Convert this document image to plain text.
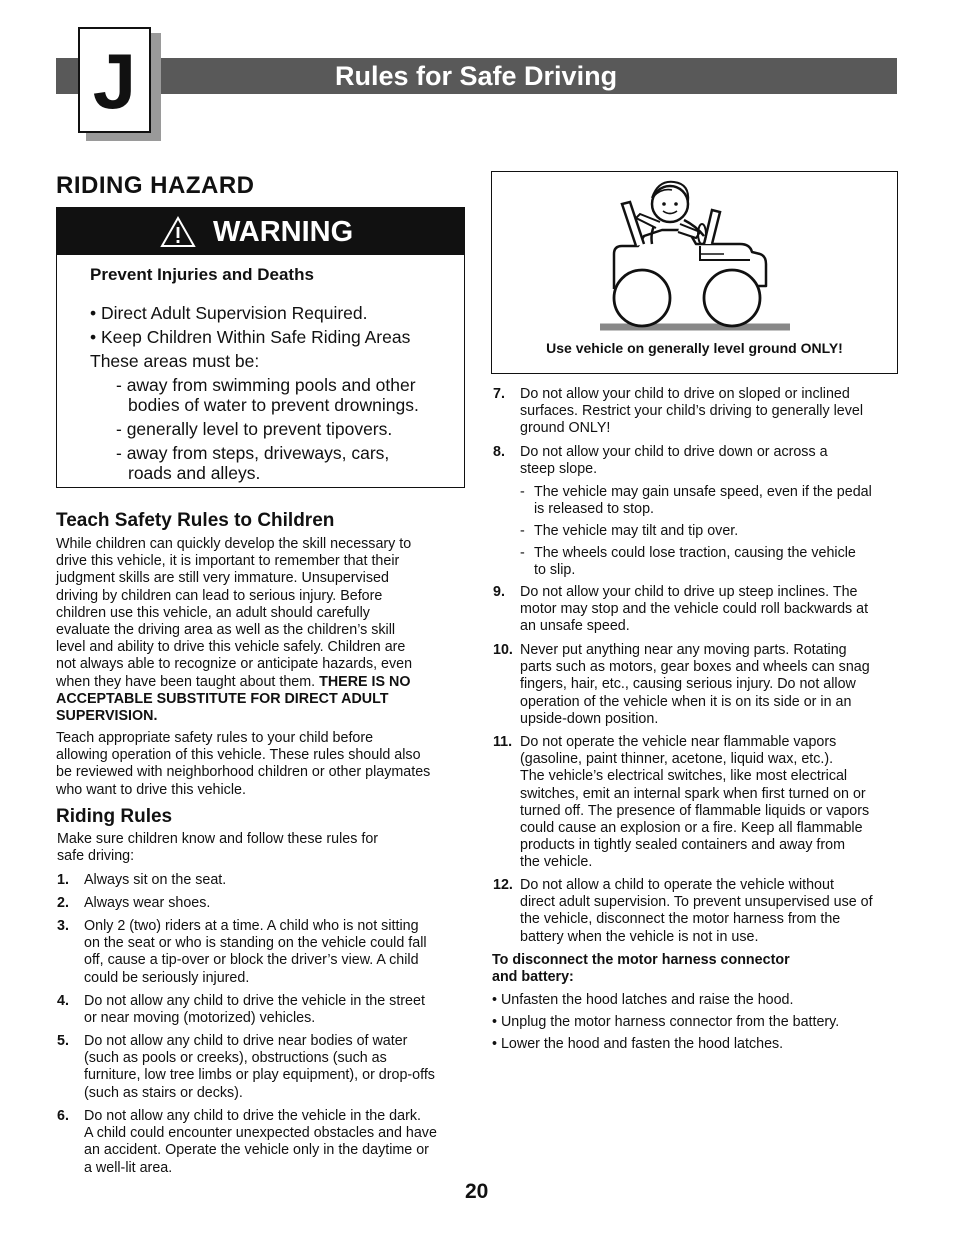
Rules for Safe Driving
J
RIDING HAZARD
WARNING
Prevent Injuries and Deaths
• Direct Adult Supervision Required.
• Keep Children Within Safe Riding Areas
These areas must be:
- away from swimming pools and other
bodies of water to prevent drownings.
- generally level to prevent tipovers.
- away from steps, driveways, cars,
roads and alleys.
Teach Safety Rules to Children
While children can quickly develop the skill necessary to
drive this vehicle, it is important to remember that their
judgment skills are still very immature. Unsupervised
driving by children can lead to serious injury. Before
children use this vehicle, an adult should carefully
evaluate the driving area as well as the children’s skill
level and ability to drive this vehicle safely. Children are
not always able to recognize or anticipate hazards, even
when they have been taught about them. THERE IS NO
ACCEPTABLE SUBSTITUTE FOR DIRECT ADULT
SUPERVISION.
Teach appropriate safety rules to your child before
allowing operation of this vehicle. These rules should also
be reviewed with neighborhood children or other playmates
who want to drive this vehicle.
Riding Rules
Make sure children know and follow these rules for
safe driving:
1. Always sit on the seat.
2. Always wear shoes.
3. Only 2 (two) riders at a time. A child who is not sitting
on the seat or who is standing on the vehicle could fall
off, cause a tip-over or block the driver’s view. A child
could be seriously injured.
4. Do not allow any child to drive the vehicle in the street
or near moving (motorized) vehicles.
5. Do not allow any child to drive near bodies of water
(such as pools or creeks), obstructions (such as
furniture, low tree limbs or play equipment), or drop-offs
(such as stairs or decks).
6. Do not allow any child to drive the vehicle in the dark.
A child could encounter unexpected obstacles and have
an accident. Operate the vehicle only in the daytime or
a well-lit area.
Use vehicle on generally level ground ONLY!
7. Do not allow your child to drive on sloped or inclined
surfaces. Restrict your child’s driving to generally level
ground ONLY!
8. Do not allow your child to drive down or across a
steep slope.
- The vehicle may gain unsafe speed, even if the pedal
is released to stop.
- The vehicle may tilt and tip over.
- The wheels could lose traction, causing the vehicle
to slip.
9. Do not allow your child to drive up steep inclines. The
motor may stop and the vehicle could roll backwards at
an unsafe speed.
10. Never put anything near any moving parts. Rotating
parts such as motors, gear boxes and wheels can snag
fingers, hair, etc., causing serious injury. Do not allow
operation of the vehicle when it is on its side or in an
upside-down position.
11. Do not operate the vehicle near flammable vapors
(gasoline, paint thinner, acetone, liquid wax, etc.).
The vehicle’s electrical switches, like most electrical
switches, emit an internal spark when first turned on or
turned off. The presence of flammable liquids or vapors
could cause an explosion or a fire. Keep all flammable
products in tightly sealed containers and away from
the vehicle.
12. Do not allow a child to operate the vehicle without
direct adult supervision. To prevent unsupervised use of
the vehicle, disconnect the motor harness from the
battery when the vehicle is not in use.
To disconnect the motor harness connector
and battery:
• Unfasten the hood latches and raise the hood.
• Unplug the motor harness connector from the battery.
• Lower the hood and fasten the hood latches.
20
